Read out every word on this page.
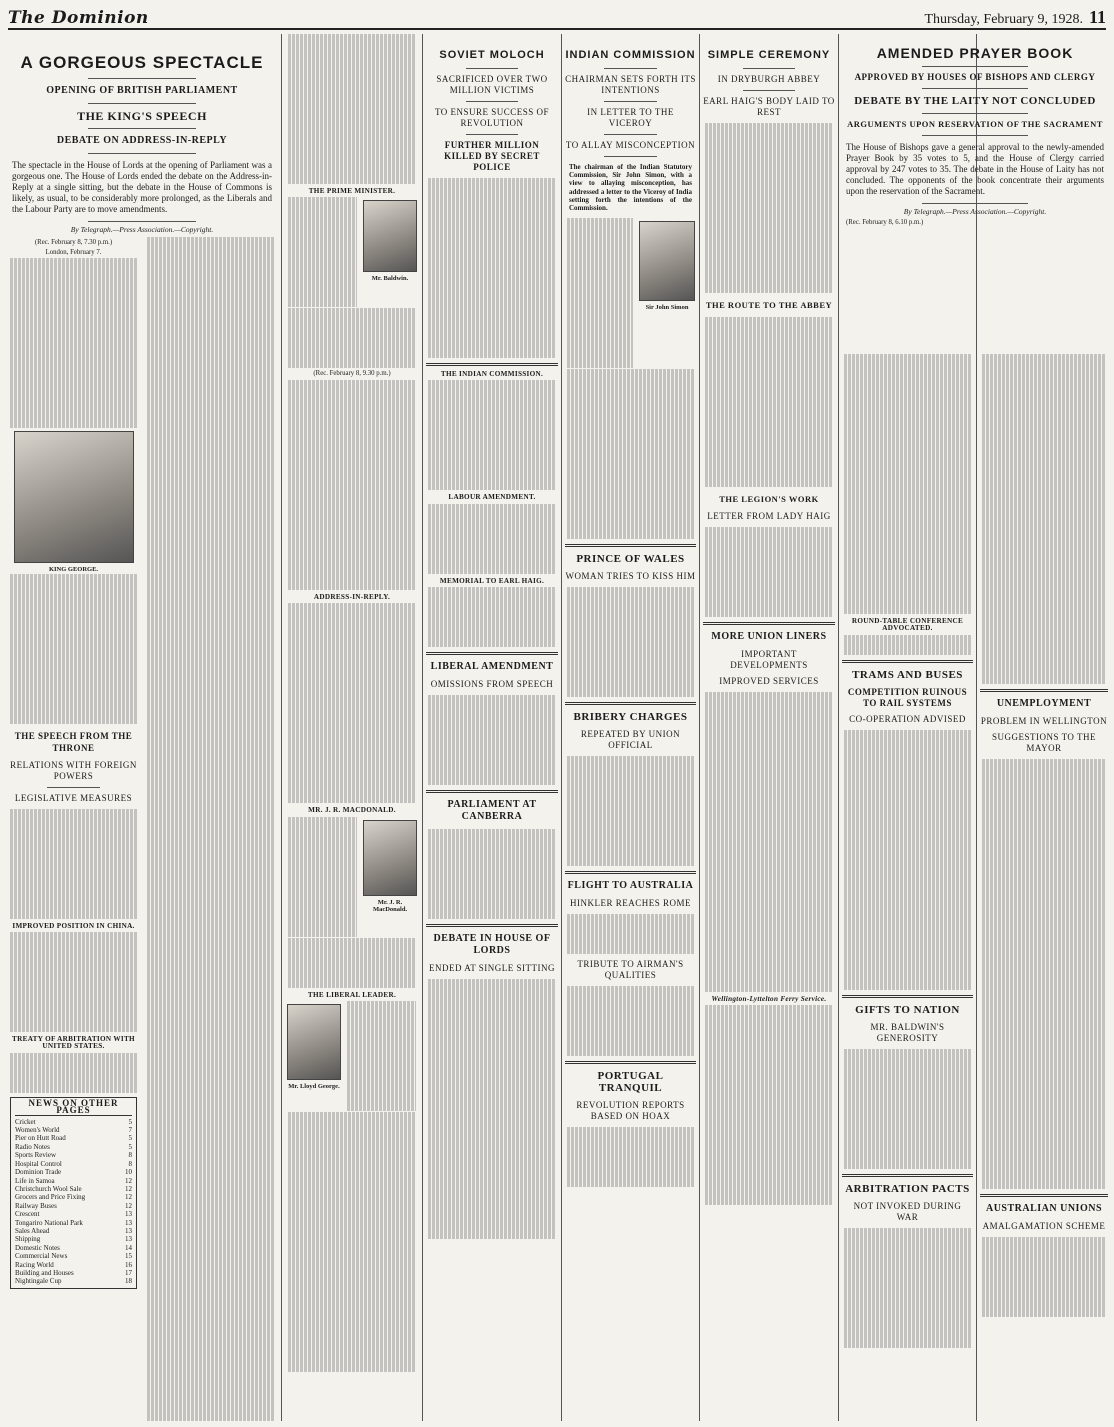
The Dominion	Thursday, February 9, 1928. 11
A GORGEOUS SPECTACLE
OPENING OF BRITISH PARLIAMENT
THE KING'S SPEECH
DEBATE ON ADDRESS-IN-REPLY
The spectacle in the House of Lords at the opening of Parliament was a gorgeous one. The House of Lords ended the debate on the Address-in-Reply at a single sitting, but the debate in the House of Commons is likely, as usual, to be considerably more prolonged, as the Liberals and the Labour Party are to move amendments.
By Telegraph.—Press Association.—Copyright.
(Rec. February 8, 7.30 p.m.)
London, February 7.
KING GEORGE.
THE SPEECH FROM THE THRONE
RELATIONS WITH FOREIGN POWERS
LEGISLATIVE MEASURES
IMPROVED POSITION IN CHINA.
TREATY OF ARBITRATION WITH UNITED STATES.
NEWS ON OTHER PAGES
Cricket	5
Women's World	7
Pier on Hutt Road	5
Radio Notes	5
Sports Review	8
Hospital Control	8
Dominion Trade	10
Life in Samoa	12
Christchurch Wool Sale	12
Grocers and Price Fixing	12
Railway Buses	12
Crescent	13
Tongariro National Park	13
Sales Ahead	13
Shipping	13
Domestic Notes	14
Commercial News	15
Racing World	16
Building and Houses	17
Nightingale Cup	18
THE PRIME MINISTER.
Mr. Baldwin.
(Rec. February 8, 9.30 p.m.)
ADDRESS-IN-REPLY.
MR. J. R. MACDONALD.
Mr. J. R. MacDonald.
THE LIBERAL LEADER.
Mr. Lloyd George.
SOVIET MOLOCH
SACRIFICED OVER TWO MILLION VICTIMS
TO ENSURE SUCCESS OF REVOLUTION
FURTHER MILLION KILLED BY SECRET POLICE
THE INDIAN COMMISSION.
LABOUR AMENDMENT.
MEMORIAL TO EARL HAIG.
LIBERAL AMENDMENT
OMISSIONS FROM SPEECH
PARLIAMENT AT CANBERRA
DEBATE IN HOUSE OF LORDS
ENDED AT SINGLE SITTING
INDIAN COMMISSION
CHAIRMAN SETS FORTH ITS INTENTIONS
IN LETTER TO THE VICEROY
TO ALLAY MISCONCEPTION
The chairman of the Indian Statutory Commission, Sir John Simon, with a view to allaying misconception, has addressed a letter to the Viceroy of India setting forth the intentions of the Commission.
Sir John Simon
PRINCE OF WALES
WOMAN TRIES TO KISS HIM
BRIBERY CHARGES
REPEATED BY UNION OFFICIAL
FLIGHT TO AUSTRALIA
HINKLER REACHES ROME
TRIBUTE TO AIRMAN'S QUALITIES
PORTUGAL TRANQUIL
REVOLUTION REPORTS BASED ON HOAX
SIMPLE CEREMONY
IN DRYBURGH ABBEY
EARL HAIG'S BODY LAID TO REST
THE ROUTE TO THE ABBEY
THE LEGION'S WORK
LETTER FROM LADY HAIG
MORE UNION LINERS
IMPORTANT DEVELOPMENTS
IMPROVED SERVICES
Wellington-Lyttelton Ferry Service.
AMENDED PRAYER BOOK
APPROVED BY HOUSES OF BISHOPS AND CLERGY
DEBATE BY THE LAITY NOT CONCLUDED
ARGUMENTS UPON RESERVATION OF THE SACRAMENT
The House of Bishops gave a general approval to the newly-amended Prayer Book by 35 votes to 5, and the House of Clergy carried approval by 247 votes to 35. The debate in the House of Laity has not concluded. The opponents of the book concentrate their arguments upon the reservation of the Sacrament.
By Telegraph.—Press Association.—Copyright.
(Rec. February 8, 6.10 p.m.)
ROUND-TABLE CONFERENCE ADVOCATED.
TRAMS AND BUSES
COMPETITION RUINOUS TO RAIL SYSTEMS
CO-OPERATION ADVISED
GIFTS TO NATION
MR. BALDWIN'S GENEROSITY
ARBITRATION PACTS
NOT INVOKED DURING WAR
UNEMPLOYMENT
PROBLEM IN WELLINGTON
SUGGESTIONS TO THE MAYOR
AUSTRALIAN UNIONS
AMALGAMATION SCHEME
